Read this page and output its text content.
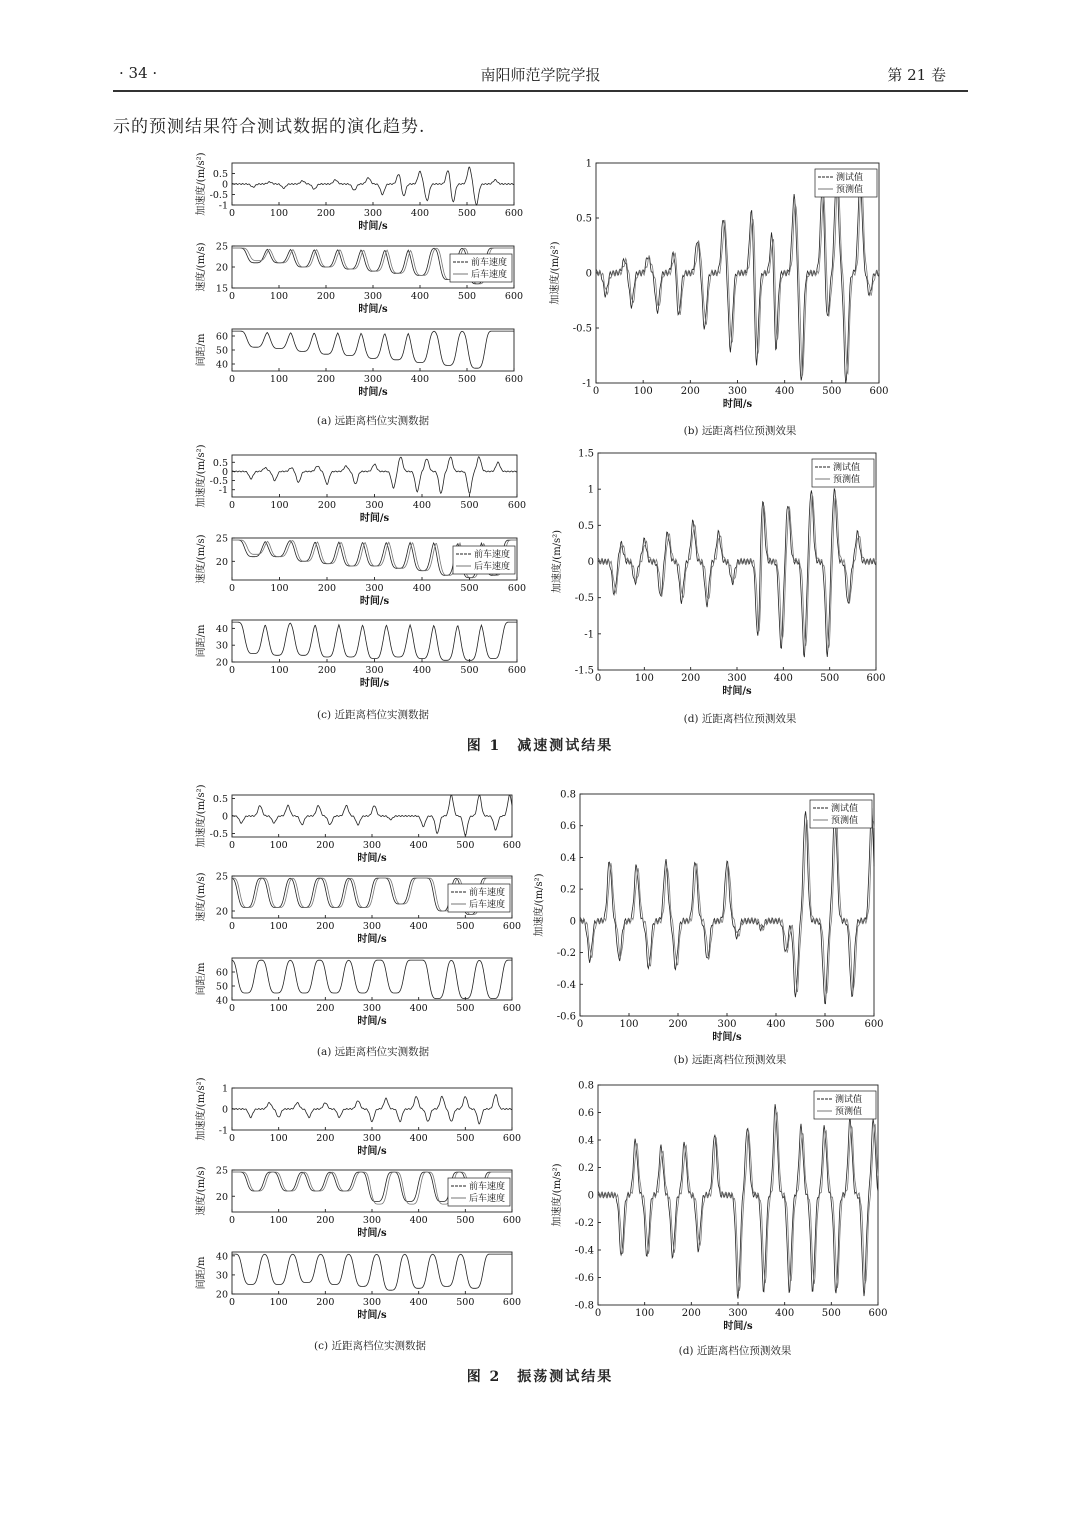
· 34 ·	南阳师范学院学报	第 21 卷
示的预测结果符合测试数据的演化趋势.
(a) 远距离档位实测数据
(b) 远距离档位预测效果
(c) 近距离档位实测数据	(d) 近距离档位预测效果
图 1　减速测试结果
(a) 远距离档位实测数据
(b) 远距离档位预测效果
(c) 近距离档位实测数据	(d) 近距离档位预测效果
图 2　振荡测试结果
0	100	200	300	400	500	600
-1
-0.5
0
0.5
时间/s
加速度/(m/s²)
0	100	200	300	400	500	600
15
20
25
时间/s
速度/(m/s)	前车速度
后车速度
0	100	200	300	400	500	600
40
50
60
时间/s
间距/m
0	100	200	300	400	500	600
-1
-0.5
0
0.5
1
时间/s
加速度/(m/s²)
测试值
预测值
0	100	200	300	400	500	600
-1
-0.5
0
0.5
时间/s
加速度/(m/s²)
0	100	200	300	400	500	600
20
25
时间/s
速度/(m/s)	前车速度
后车速度
0	100	200	300	400	500	600
20
30
40
时间/s
间距/m
0	100	200	300	400	500	600
-1.5
-1
-0.5
0
0.5
1
1.5
时间/s
加速度/(m/s²)
测试值
预测值
0	100	200	300	400	500	600
-0.5
0
0.5
时间/s
加速度/(m/s²)
0	100	200	300	400	500	600
20
25
时间/s
速度/(m/s)	前车速度
后车速度
0	100	200	300	400	500	600
40
50
60
时间/s
间距/m
0	100	200	300	400	500	600
-0.6
-0.4
-0.2
0
0.2
0.4
0.6
0.8
时间/s
加速度/(m/s²)
测试值
预测值
0	100	200	300	400	500	600
-1
0
1
时间/s
加速度/(m/s²)
0	100	200	300	400	500	600
20
25
时间/s
速度/(m/s)	前车速度
后车速度
0	100	200	300	400	500	600
20
30
40
时间/s
间距/m
0	100	200	300	400	500	600
-0.8
-0.6
-0.4
-0.2
0
0.2
0.4
0.6
0.8
时间/s
加速度/(m/s²)
测试值
预测值
